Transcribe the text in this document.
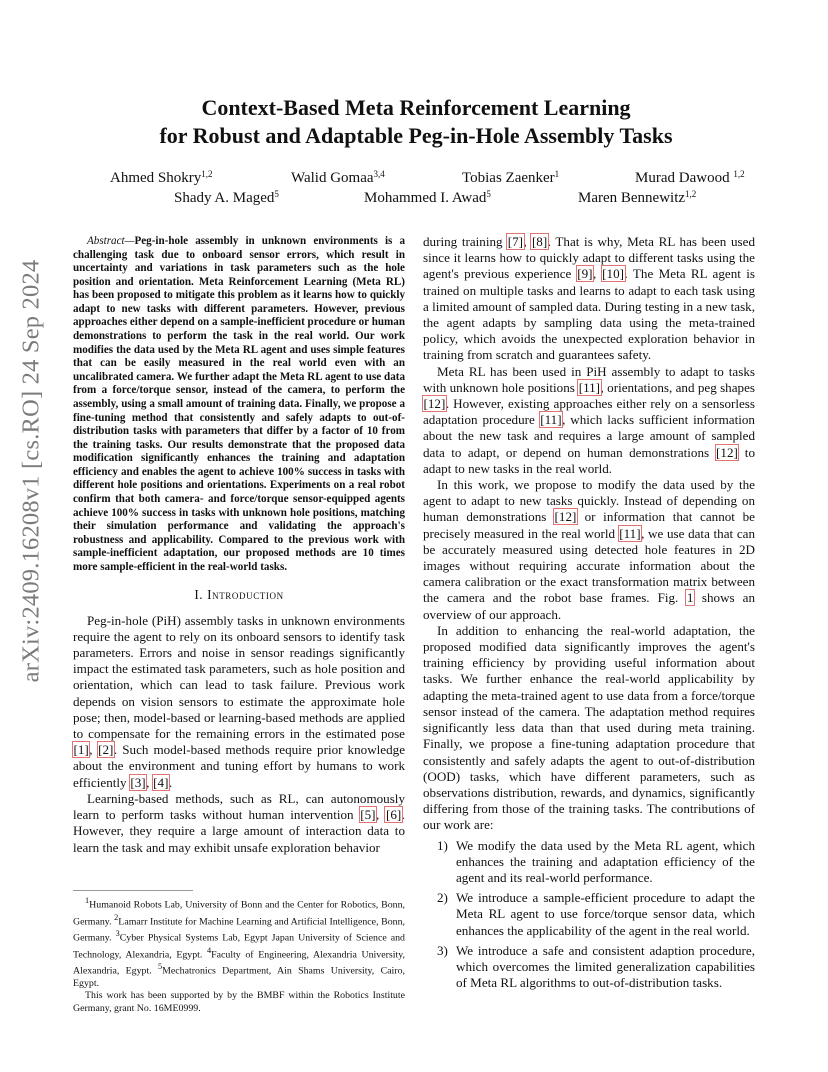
arXiv:2409.16208v1 [cs.RO] 24 Sep 2024
Context-Based Meta Reinforcement Learning
for Robust and Adaptable Peg-in-Hole Assembly Tasks
Ahmed Shokry$^{1,2}$	Walid Gomaa$^{3,4}$	Tobias Zaenker$^1$	Murad Dawood $^{1,2}$
Shady A. Maged$^5$	Mohammed I. Awad$^5$	Maren Bennewitz$^{1,2}$

Abstract—Peg-in-hole assembly in unknown environments is a challenging task due to onboard sensor errors, which result in uncertainty and variations in task parameters such as the hole position and orientation. Meta Reinforcement Learning (Meta RL) has been proposed to mitigate this problem as it learns how to quickly adapt to new tasks with different parameters. However, previous approaches either depend on a sample-inefficient procedure or human demonstrations to perform the task in the real world. Our work modifies the data used by the Meta RL agent and uses simple features that can be easily measured in the real world even with an uncalibrated camera. We further adapt the Meta RL agent to use data from a force/torque sensor, instead of the camera, to perform the assembly, using a small amount of training data. Finally, we propose a fine-tuning method that consistently and safely adapts to out-of-distribution tasks with parameters that differ by a factor of 10 from the training tasks. Our results demonstrate that the proposed data modification significantly enhances the training and adaptation efficiency and enables the agent to achieve 100% success in tasks with different hole positions and orientations. Experiments on a real robot confirm that both camera- and force/torque sensor-equipped agents achieve 100% success in tasks with unknown hole positions, matching their simulation performance and validating the approach's robustness and applicability. Compared to the previous work with sample-inefficient adaptation, our proposed methods are 10 times more sample-efficient in the real-world tasks.

I. Introduction

Peg-in-hole (PiH) assembly tasks in unknown environments require the agent to rely on its onboard sensors to identify task parameters. Errors and noise in sensor readings significantly impact the estimated task parameters, such as hole position and orientation, which can lead to task failure. Previous work depends on vision sensors to estimate the approximate hole pose; then, model-based or learning-based methods are applied to compensate for the remaining errors in the estimated pose [1], [2]. Such model-based methods require prior knowledge about the environment and tuning effort by humans to work efficiently [3], [4].

Learning-based methods, such as RL, can autonomously learn to perform tasks without human intervention [5], [6]. However, they require a large amount of interaction data to learn the task and may exhibit unsafe exploration behavior

$^1$Humanoid Robots Lab, University of Bonn and the Center for Robotics, Bonn, Germany. $^2$Lamarr Institute for Machine Learning and Artificial Intelligence, Bonn, Germany. $^3$Cyber Physical Systems Lab, Egypt Japan University of Science and Technology, Alexandria, Egypt. $^4$Faculty of Engineering, Alexandria University, Alexandria, Egypt. $^5$Mechatronics Department, Ain Shams University, Cairo, Egypt.

This work has been supported by by the BMBF within the Robotics Institute Germany, grant No. 16ME0999.

during training [7], [8]. That is why, Meta RL has been used since it learns how to quickly adapt to different tasks using the agent's previous experience [9], [10]. The Meta RL agent is trained on multiple tasks and learns to adapt to each task using a limited amount of sampled data. During testing in a new task, the agent adapts by sampling data using the meta-trained policy, which avoids the unexpected exploration behavior in training from scratch and guarantees safety.

Meta RL has been used in PiH assembly to adapt to tasks with unknown hole positions [11], orientations, and peg shapes [12]. However, existing approaches either rely on a sensorless adaptation procedure [11], which lacks sufficient information about the new task and requires a large amount of sampled data to adapt, or depend on human demonstrations [12] to adapt to new tasks in the real world.

In this work, we propose to modify the data used by the agent to adapt to new tasks quickly. Instead of depending on human demonstrations [12] or information that cannot be precisely measured in the real world [11], we use data that can be accurately measured using detected hole features in 2D images without requiring accurate information about the camera calibration or the exact transformation matrix between the camera and the robot base frames. Fig. 1 shows an overview of our approach.

In addition to enhancing the real-world adaptation, the proposed modified data significantly improves the agent's training efficiency by providing useful information about tasks. We further enhance the real-world applicability by adapting the meta-trained agent to use data from a force/torque sensor instead of the camera. The adaptation method requires significantly less data than that used during meta training. Finally, we propose a fine-tuning adaptation procedure that consistently and safely adapts the agent to out-of-distribution (OOD) tasks, which have different parameters, such as observations distribution, rewards, and dynamics, significantly differing from those of the training tasks. The contributions of our work are:

1) We modify the data used by the Meta RL agent, which enhances the training and adaptation efficiency of the agent and its real-world performance.
2) We introduce a sample-efficient procedure to adapt the Meta RL agent to use force/torque sensor data, which enhances the applicability of the agent in the real world.
3) We introduce a safe and consistent adaption procedure, which overcomes the limited generalization capabilities of Meta RL algorithms to out-of-distribution tasks.
